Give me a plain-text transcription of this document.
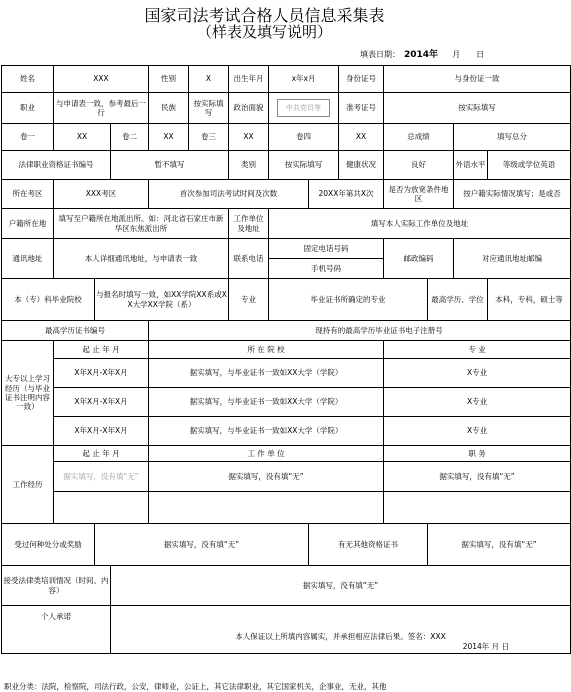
国家司法考试合格人员信息采集表
（样表及填写说明）
填表日期： 2014年 月 日
姓名	XXX			性别	X	出生年月	x年x月		身份证号	与身份证一致			
职业	与申请表一致，参考最后一行			民族	按实际填写	政治面貌	中共党员等		准考证号	按实际填写			
卷一	XX		卷二	XX	卷三	XX	卷四		XX	总成绩		填写总分	
法律职业资格证书编号			暂不填写			类别	按实际填写		健康状况	良好		外语水平	等级或学位英语
所在考区	XXX考区			首次参加司法考试时间及次数				20XX年第共X次		是否为放宽条件地区		按户籍实际情况填写；是或否	
户籍所在地	填写至户籍所在地派出所。如：河北省石家庄市新华区东焦派出所					工作单位及地址	填写本人实际工作单位及地址						
通讯地址	本人详细通讯地址，与申请表一致					联系电话	固定电话号码			邮政编码		对应通讯地址邮编	
							手机号码						
本（专）科毕业院校		与报名时填写一致，如XX学院XX系或XX大学XX学院（系）				专业	毕业证书所确定的专业				最高学历、学位		本科，专科，硕士等
最高学历证书编号				现持有的最高学历毕业证书电子注册号									
大专以上学习经历（与毕业证书注明内容一致）	起 止 年 月			所 在 院 校						专 业			
	X年X月-X年X月			据实填写，与毕业证书一致如XX大学（学院）						X专业			
	X年X月-X年X月			据实填写，与毕业证书一致如XX大学（学院）						X专业			
	X年X月-X年X月			据实填写，与毕业证书一致如XX大学（学院）						X专业			
工作经历	起 止 年 月			工 作 单 位						职 务			
	据实填写，没有填“无”			据实填写，没有填“无”						据实填写，没有填“无”			

受过何种处分或奖励		据实填写，没有填“无”						有无其他资格证书			据实填写，没有填“无”		
接受法律类培训情况（时间、内容）			据实填写，没有填“无”										
个人承诺			本人保证以上所填内容属实，并承担相应法律后果。签名：XXX
2014年 月 日										
职业分类：法院，检察院，司法行政，公安，律师业，公证上，其它法律职业，其它国家机关，企事业，无业，其他
